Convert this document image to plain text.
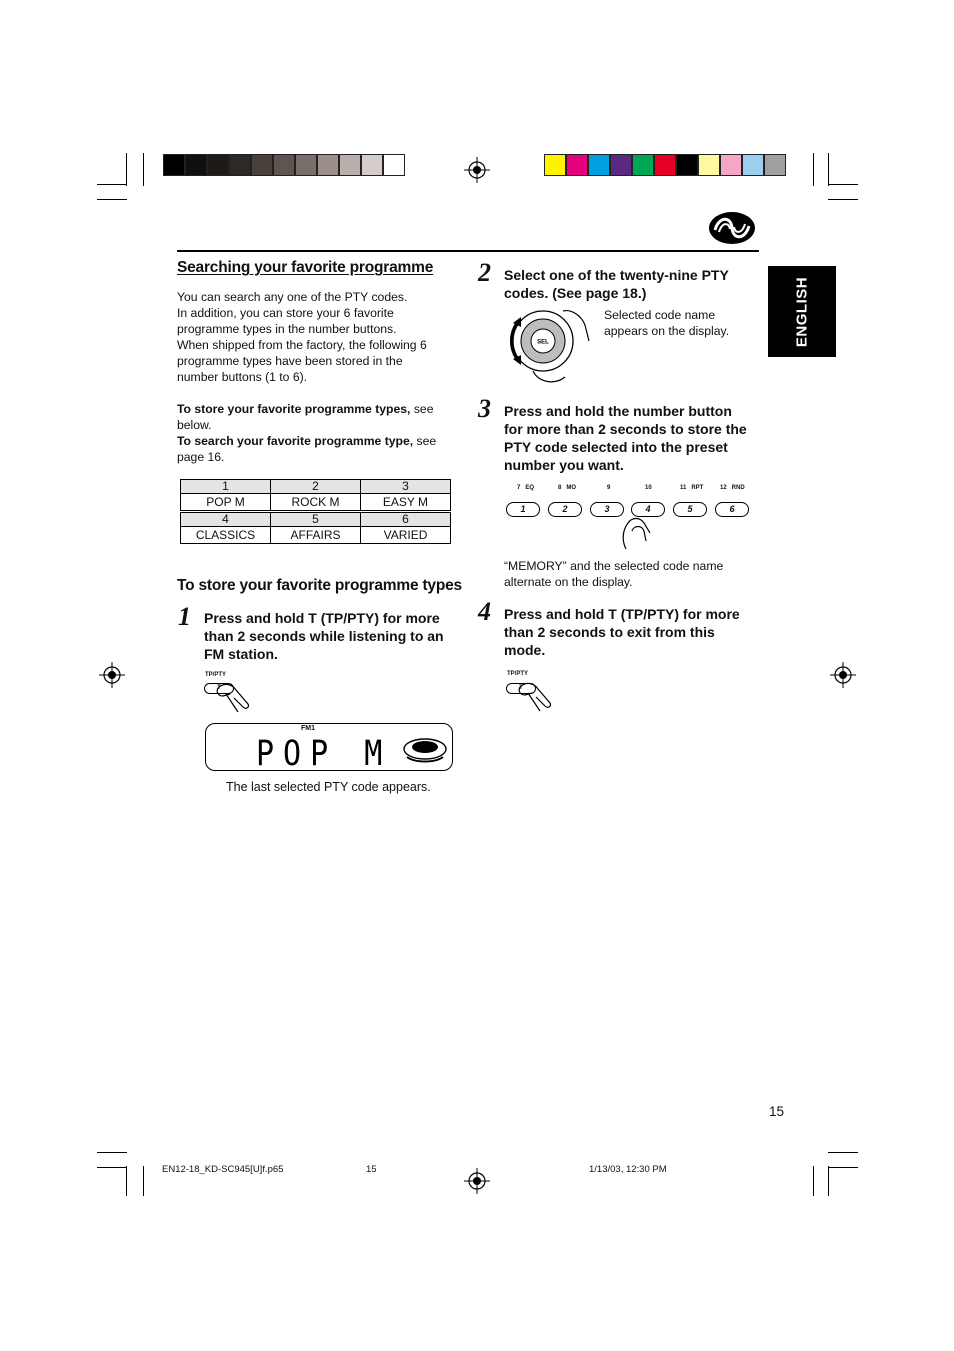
ENGLISH
Searching your favorite programme
You can search any one of the PTY codes.
In addition, you can store your 6 favorite
programme types in the number buttons.
When shipped from the factory, the following 6
programme types have been stored in the
number buttons (1 to 6).
To store your favorite programme types, see
below.
To search your favorite programme type, see
page 16.
1	2	3
POP M	ROCK M	EASY M
4	5	6
CLASSICS	AFFAIRS	VARIED
To store your favorite programme types
1 Press and hold T (TP/PTY) for more
than 2 seconds while listening to an
FM station.
TP/PTY
T
FM1
POP M
The last selected PTY code appears.
2 Select one of the twenty-nine PTY
codes. (See page 18.)
SEL
Selected code name
appears on the display.
3 Press and hold the number button
for more than 2 seconds to store the
PTY code selected into the preset
number you want.
7   EQ	8   MO	9	10	11   RPT	12   RND
1	2	3	4	5	6
“MEMORY” and the selected code name
alternate on the display.
4 Press and hold T (TP/PTY) for more
than 2 seconds to exit from this
mode.
TP/PTY
T
15
EN12-18_KD-SC945[U]f.p65	15	1/13/03, 12:30 PM
